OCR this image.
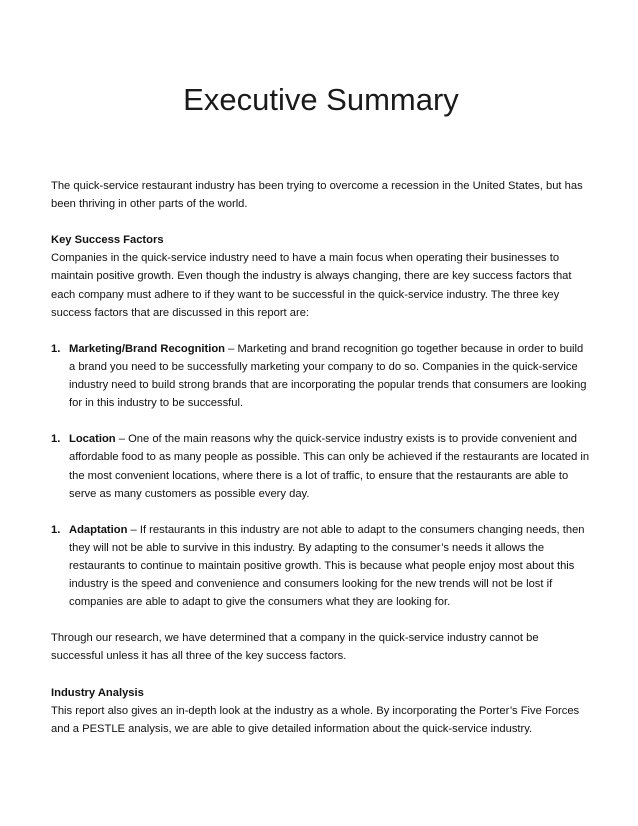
Executive Summary

The quick-service restaurant industry has been trying to overcome a recession in the United States, but has been thriving in other parts of the world.

Key Success Factors
Companies in the quick-service industry need to have a main focus when operating their businesses to maintain positive growth. Even though the industry is always changing, there are key success factors that each company must adhere to if they want to be successful in the quick-service industry. The three key success factors that are discussed in this report are:
1. Marketing/Brand Recognition – Marketing and brand recognition go together because in order to build a brand you need to be successfully marketing your company to do so. Companies in the quick-service industry need to build strong brands that are incorporating the popular trends that consumers are looking for in this industry to be successful.
1. Location – One of the main reasons why the quick-service industry exists is to provide convenient and affordable food to as many people as possible. This can only be achieved if the restaurants are located in the most convenient locations, where there is a lot of traffic, to ensure that the restaurants are able to serve as many customers as possible every day.
1. Adaptation – If restaurants in this industry are not able to adapt to the consumers changing needs, then they will not be able to survive in this industry. By adapting to the consumer’s needs it allows the restaurants to continue to maintain positive growth. This is because what people enjoy most about this industry is the speed and convenience and consumers looking for the new trends will not be lost if companies are able to adapt to give the consumers what they are looking for.

Through our research, we have determined that a company in the quick-service industry cannot be successful unless it has all three of the key success factors.

Industry Analysis
This report also gives an in-depth look at the industry as a whole. By incorporating the Porter’s Five Forces and a PESTLE analysis, we are able to give detailed information about the quick-service industry.
